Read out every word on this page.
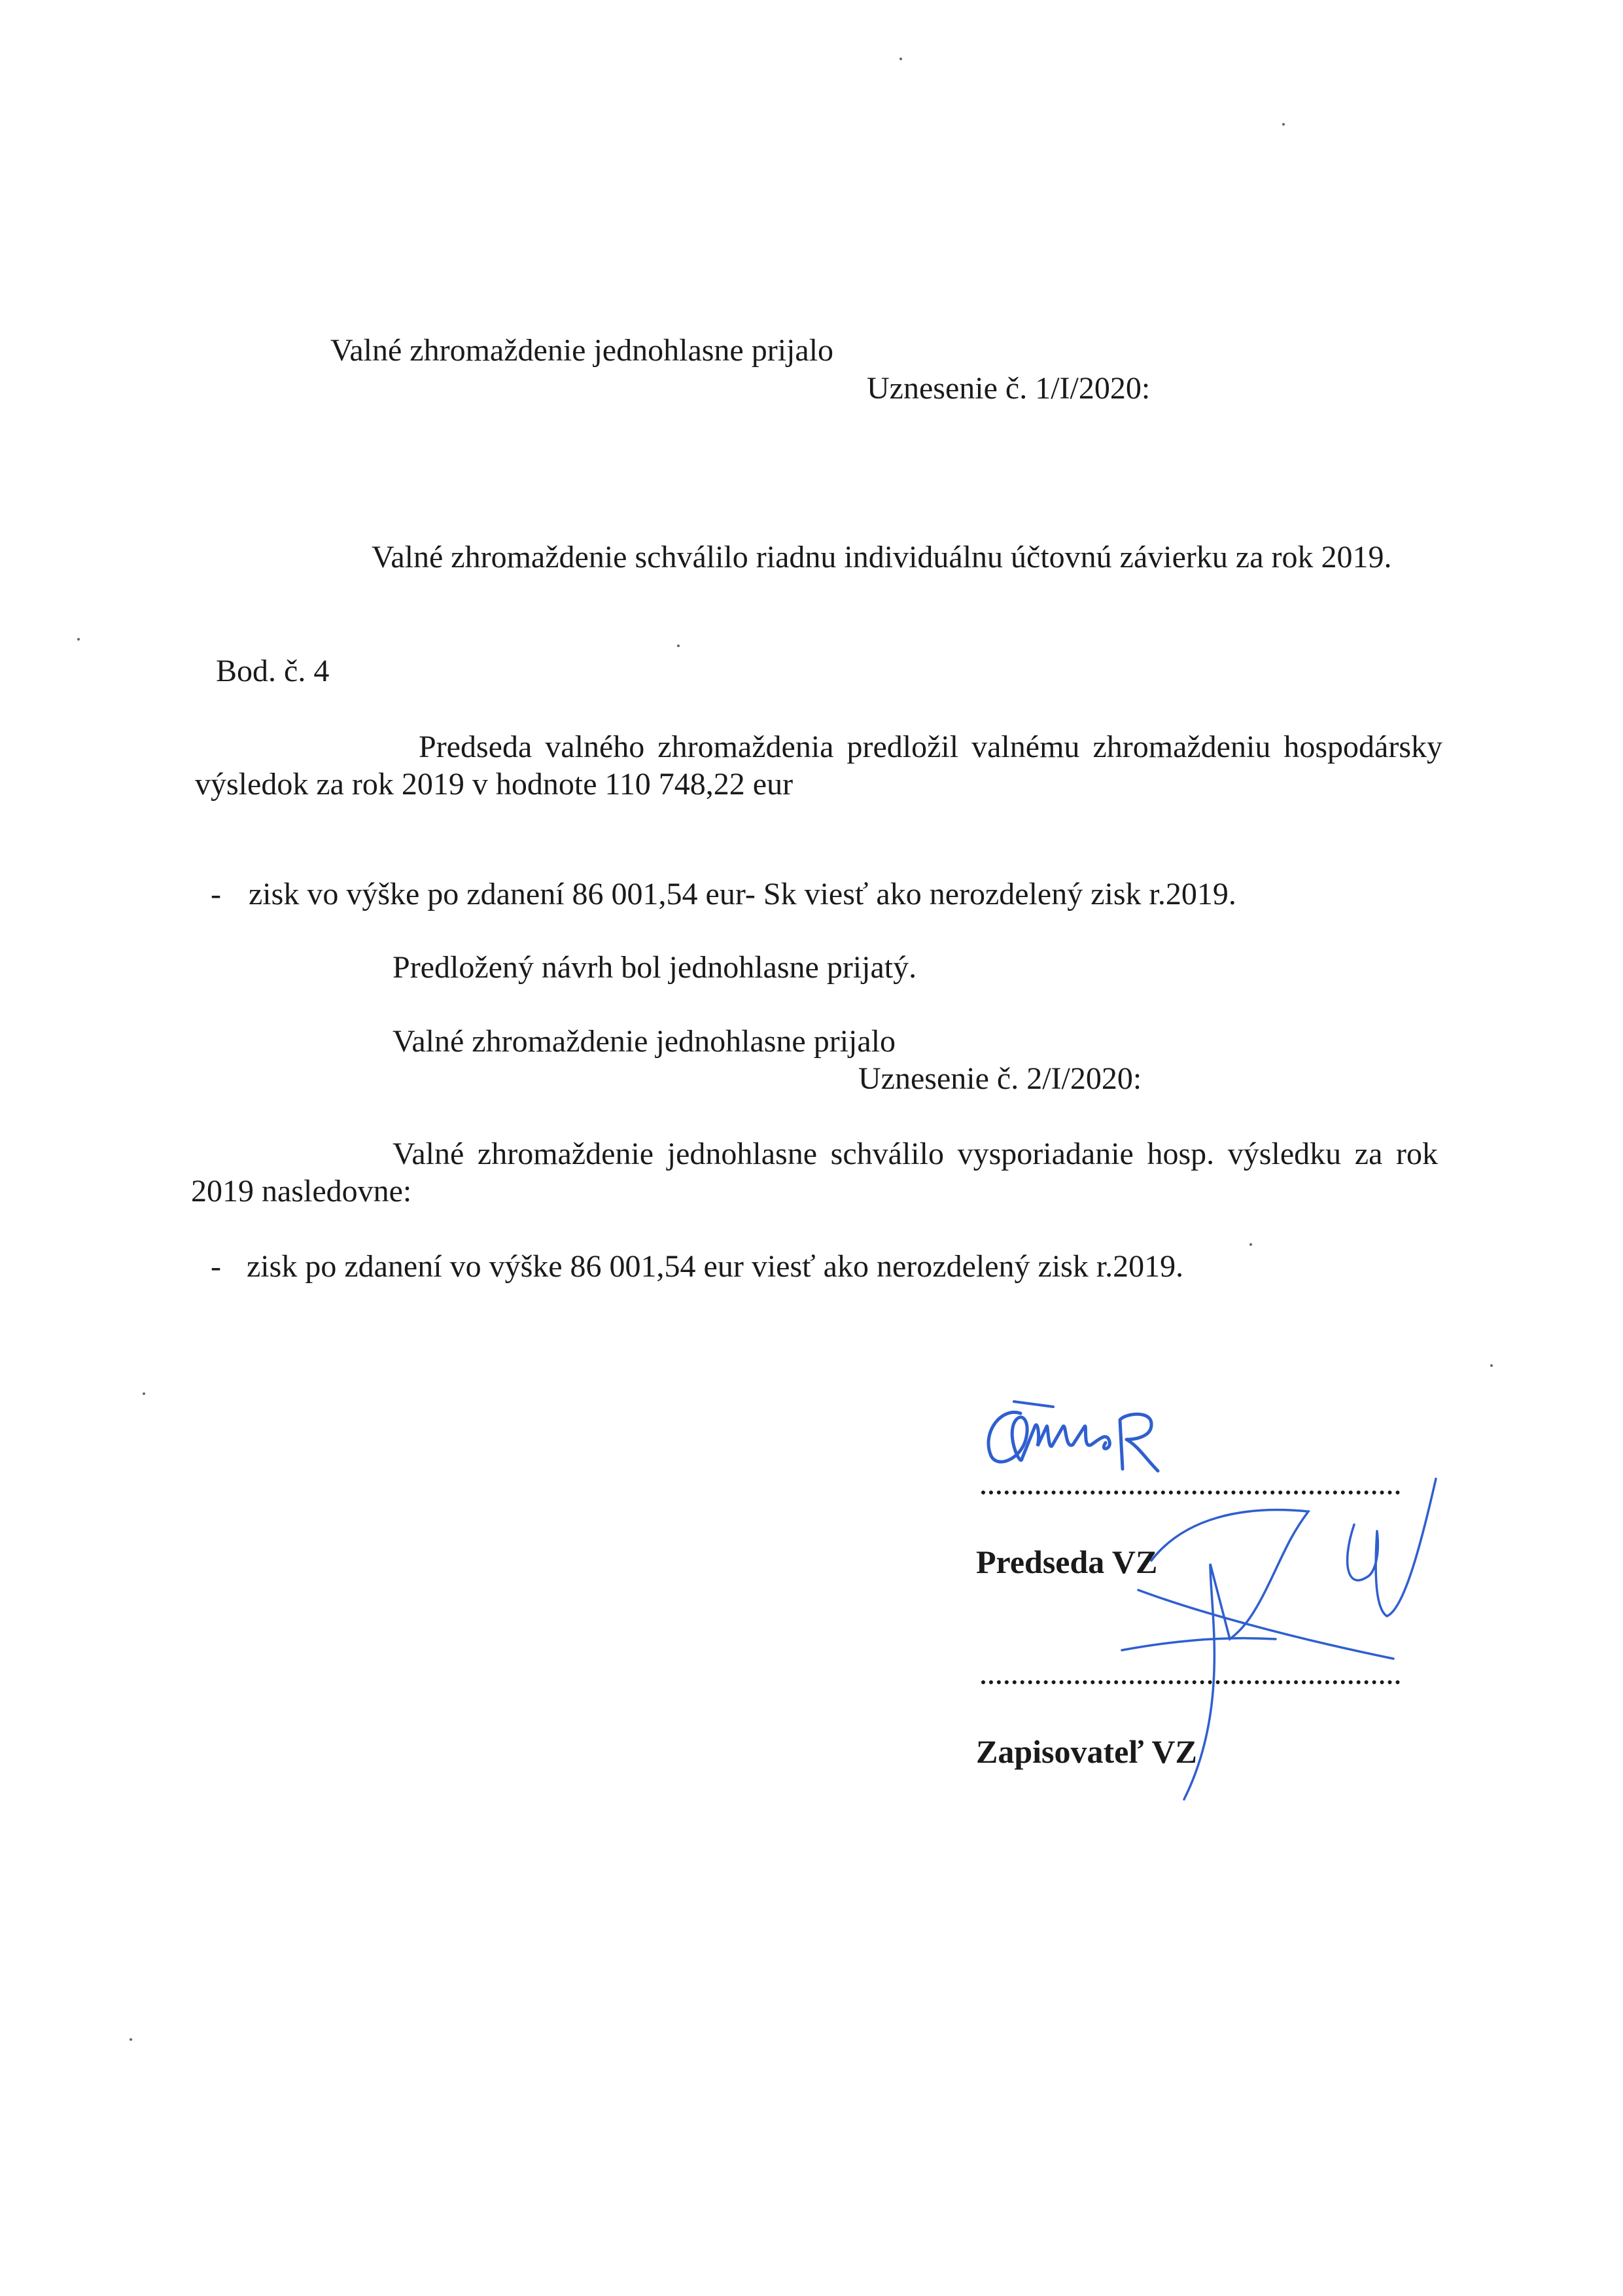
Valné zhromaždenie jednohlasne prijalo
Uznesenie č. 1/I/2020:
Valné zhromaždenie schválilo riadnu individuálnu účtovnú závierku za rok 2019.
Bod. č. 4
Predseda valného zhromaždenia predložil valnému zhromaždeniu hospodársky
výsledok za rok 2019 v hodnote 110 748,22 eur
- zisk vo výške po zdanení 86 001,54 eur- Sk viesť ako nerozdelený zisk r.2019.
Predložený návrh bol jednohlasne prijatý.
Valné zhromaždenie jednohlasne prijalo
Uznesenie č. 2/I/2020:
Valné zhromaždenie jednohlasne schválilo vysporiadanie hosp. výsledku za rok
2019 nasledovne:
- zisk po zdanení vo výške 86 001,54 eur viesť ako nerozdelený zisk r.2019.
Predseda VZ
Zapisovateľ VZ
